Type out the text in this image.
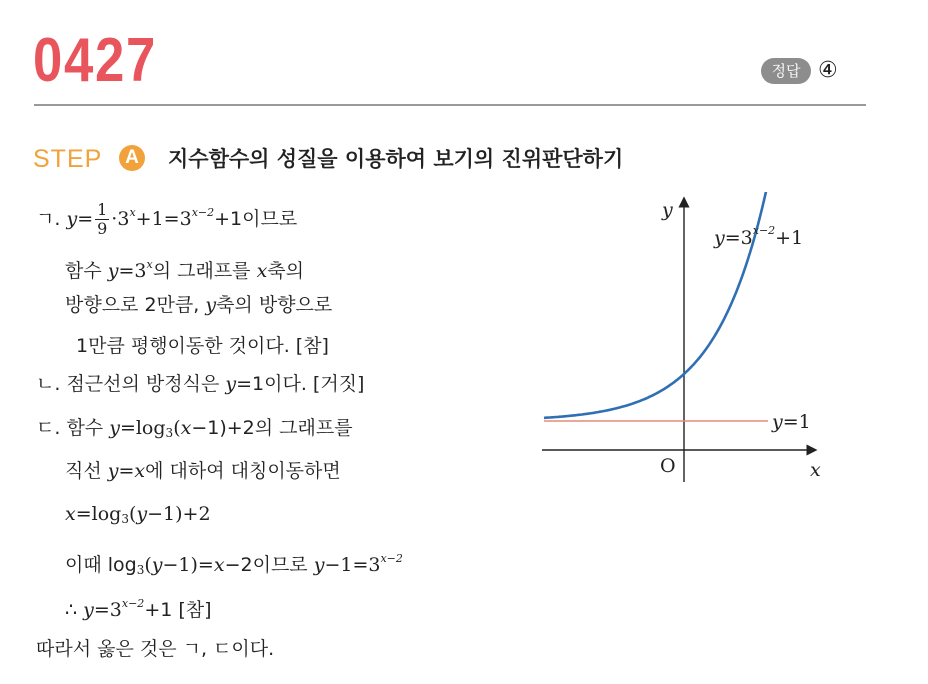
0427	정답 ④
STEP	A 지수함수의 성질을 이용하여 보기의 진위판단하기
ㄱ. $y= \frac{1}{9} \cdot 3^x+1=3^{x-2}+1$이므로
함수 $y=3^x$의 그래프를 x축의
방향으로 2만큼, y축의 방향으로
1만큼 평행이동한 것이다. [참]
ㄴ. 점근선의 방정식은 y=1이다. [거짓]
ㄷ. 함수 $y=\log_3(x-1)+2$의 그래프를
직선 y=x에 대하여 대칭이동하면
$x=\log_3(y-1)+2$
이때 $\log_3(y-1)=x-2$이므로 $y-1=3^{x-2}$
∴ $y=3^{x-2}+1$ [참]
따라서 옳은 것은 ㄱ, ㄷ이다.
y
x
O
$y=3^{x-2}+1$
y=1
